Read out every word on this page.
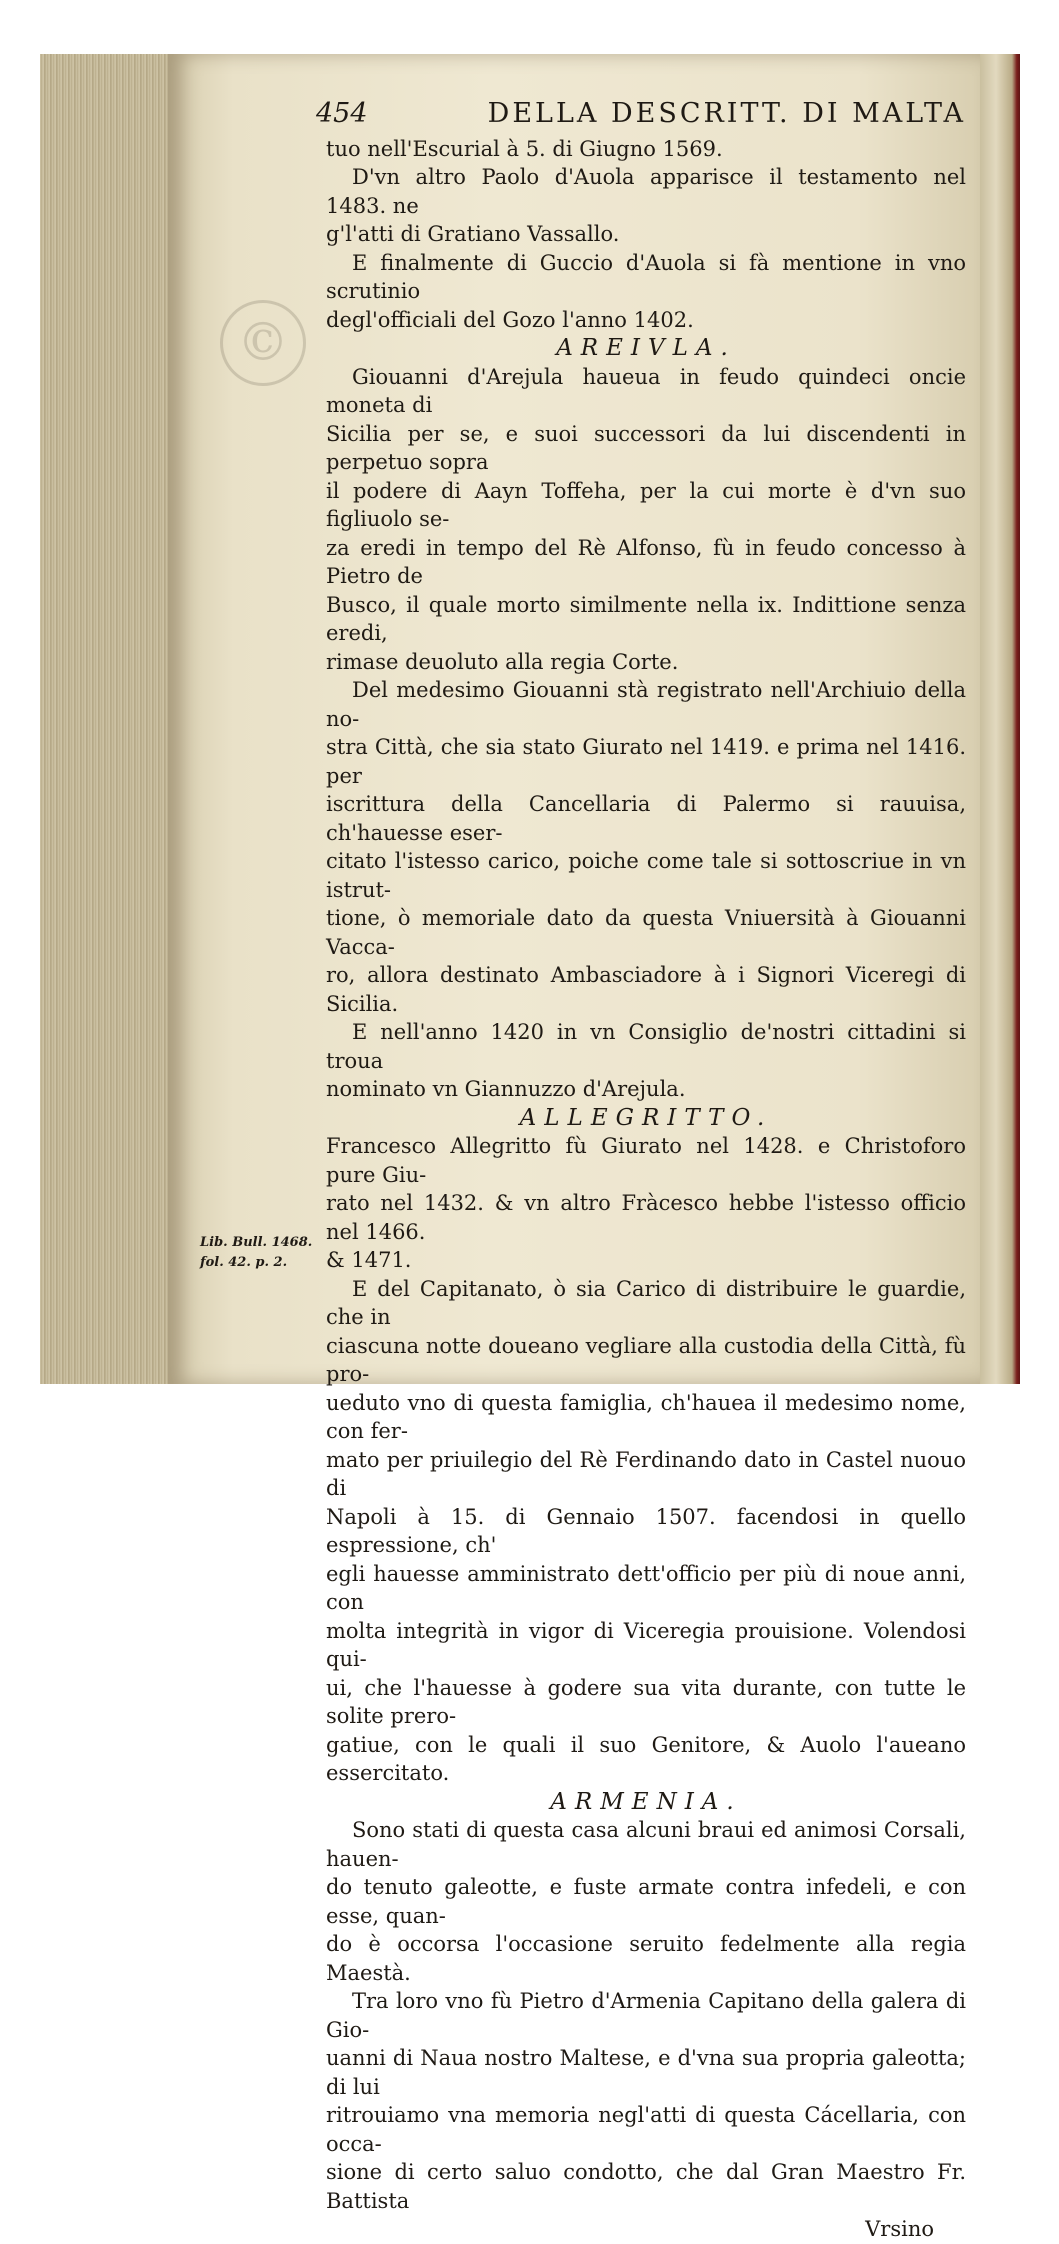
©
454	DELLA DESCRITT. DI MALTA
tuo nell'Escurial à 5. di Giugno 1569.
D'vn altro Paolo d'Auola apparisce il testamento nel 1483. ne
g'l'atti di Gratiano Vassallo.
E finalmente di Guccio d'Auola si fà mentione in vno scrutinio
degl'officiali del Gozo l'anno 1402.
AREIVLA.
Giouanni d'Arejula haueua in feudo quindeci oncie moneta di
Sicilia per se, e suoi successori da lui discendenti in perpetuo sopra
il podere di Aayn Toffeha, per la cui morte è d'vn suo figliuolo se-
za eredi in tempo del Rè Alfonso, fù in feudo concesso à Pietro de
Busco, il quale morto similmente nella ix. Indittione senza eredi,
rimase deuoluto alla regia Corte.
Del medesimo Giouanni stà registrato nell'Archiuio della no-
stra Città, che sia stato Giurato nel 1419. e prima nel 1416. per
iscrittura della Cancellaria di Palermo si rauuisa, ch'hauesse eser-
citato l'istesso carico, poiche come tale si sottoscriue in vn istrut-
tione, ò memoriale dato da questa Vniuersità à Giouanni Vacca-
ro, allora destinato Ambasciadore à i Signori Viceregi di Sicilia.
E nell'anno 1420 in vn Consiglio de'nostri cittadini si troua
nominato vn Giannuzzo d'Arejula.
ALLEGRITTO.
Francesco Allegritto fù Giurato nel 1428. e Christoforo pure Giu-
rato nel 1432. & vn altro Fràcesco hebbe l'istesso officio nel 1466.
& 1471.
E del Capitanato, ò sia Carico di distribuire le guardie, che in
ciascuna notte doueano vegliare alla custodia della Città, fù pro-
ueduto vno di questa famiglia, ch'hauea il medesimo nome, con fer-
mato per priuilegio del Rè Ferdinando dato in Castel nuouo di
Napoli à 15. di Gennaio 1507. facendosi in quello espressione, ch'
egli hauesse amministrato dett'officio per più di noue anni, con
molta integrità in vigor di Viceregia prouisione. Volendosi qui-
ui, che l'hauesse à godere sua vita durante, con tutte le solite prero-
gatiue, con le quali il suo Genitore, & Auolo l'aueano essercitato.
ARMENIA.
Sono stati di questa casa alcuni braui ed animosi Corsali, hauen-
do tenuto galeotte, e fuste armate contra infedeli, e con esse, quan-
do è occorsa l'occasione seruito fedelmente alla regia Maestà.
Tra loro vno fù Pietro d'Armenia Capitano della galera di Gio-
uanni di Naua nostro Maltese, e d'vna sua propria galeotta; di lui
ritrouiamo vna memoria negl'atti di questa Cácellaria, con occa-
sione di certo saluo condotto, che dal Gran Maestro Fr. Battista
Vrsino
Lib. Bull. 1468.
fol. 42. p. 2.
